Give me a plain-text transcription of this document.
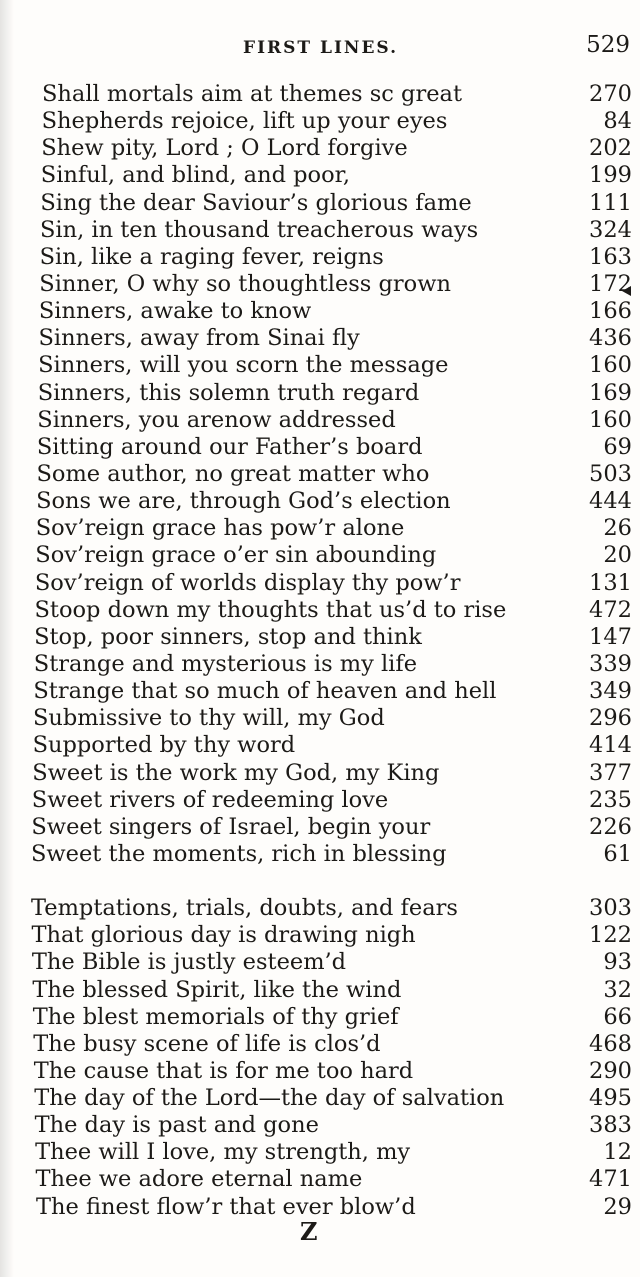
FIRST LINES.	529
Shall mortals aim at themes sc great	270
Shepherds rejoice, lift up your eyes	84
Shew pity, Lord ; O Lord forgive	202
Sinful, and blind, and poor,	199
Sing the dear Saviour’s glorious fame	111
Sin, in ten thousand treacherous ways	324
Sin, like a raging fever, reigns	163
Sinner, O why so thoughtless grown	172
Sinners, awake to know	166
Sinners, away from Sinai fly	436
Sinners, will you scorn the message	160
Sinners, this solemn truth regard	169
Sinners, you arenow addressed	160
Sitting around our Father’s board	69
Some author, no great matter who	503
Sons we are, through God’s election	444
Sov’reign grace has pow’r alone	26
Sov’reign grace o’er sin abounding	20
Sov’reign of worlds display thy pow’r	131
Stoop down my thoughts that us’d to rise	472
Stop, poor sinners, stop and think	147
Strange and mysterious is my life	339
Strange that so much of heaven and hell	349
Submissive to thy will, my God	296
Supported by thy word	414
Sweet is the work my God, my King	377
Sweet rivers of redeeming love	235
Sweet singers of Israel, begin your	226
Sweet the moments, rich in blessing	61
Temptations, trials, doubts, and fears	303
That glorious day is drawing nigh	122
The Bible is justly esteem’d	93
The blessed Spirit, like the wind	32
The blest memorials of thy grief	66
The busy scene of life is clos’d	468
The cause that is for me too hard	290
The day of the Lord—the day of salvation	495
The day is past and gone	383
Thee will I love, my strength, my	12
Thee we adore eternal name	471
The finest flow’r that ever blow’d	29
Z
